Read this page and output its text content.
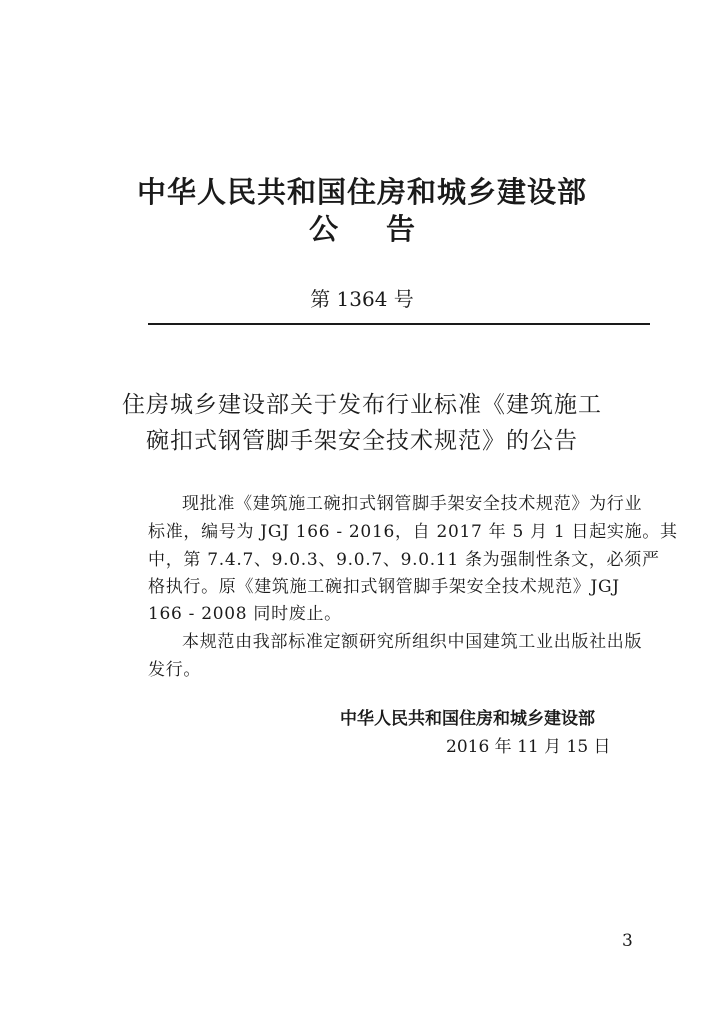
中华人民共和国住房和城乡建设部
公告
第 1364 号
住房城乡建设部关于发布行业标准《建筑施工
碗扣式钢管脚手架安全技术规范》的公告
现批准《建筑施工碗扣式钢管脚手架安全技术规范》为行业
标准，编号为 JGJ 166 - 2016，自 2017 年 5 月 1 日起实施。其
中，第 7.4.7、9.0.3、9.0.7、9.0.11 条为强制性条文，必须严
格执行。原《建筑施工碗扣式钢管脚手架安全技术规范》JGJ
166 - 2008 同时废止。
本规范由我部标准定额研究所组织中国建筑工业出版社出版
发行。
中华人民共和国住房和城乡建设部
2016 年 11 月 15 日
3
